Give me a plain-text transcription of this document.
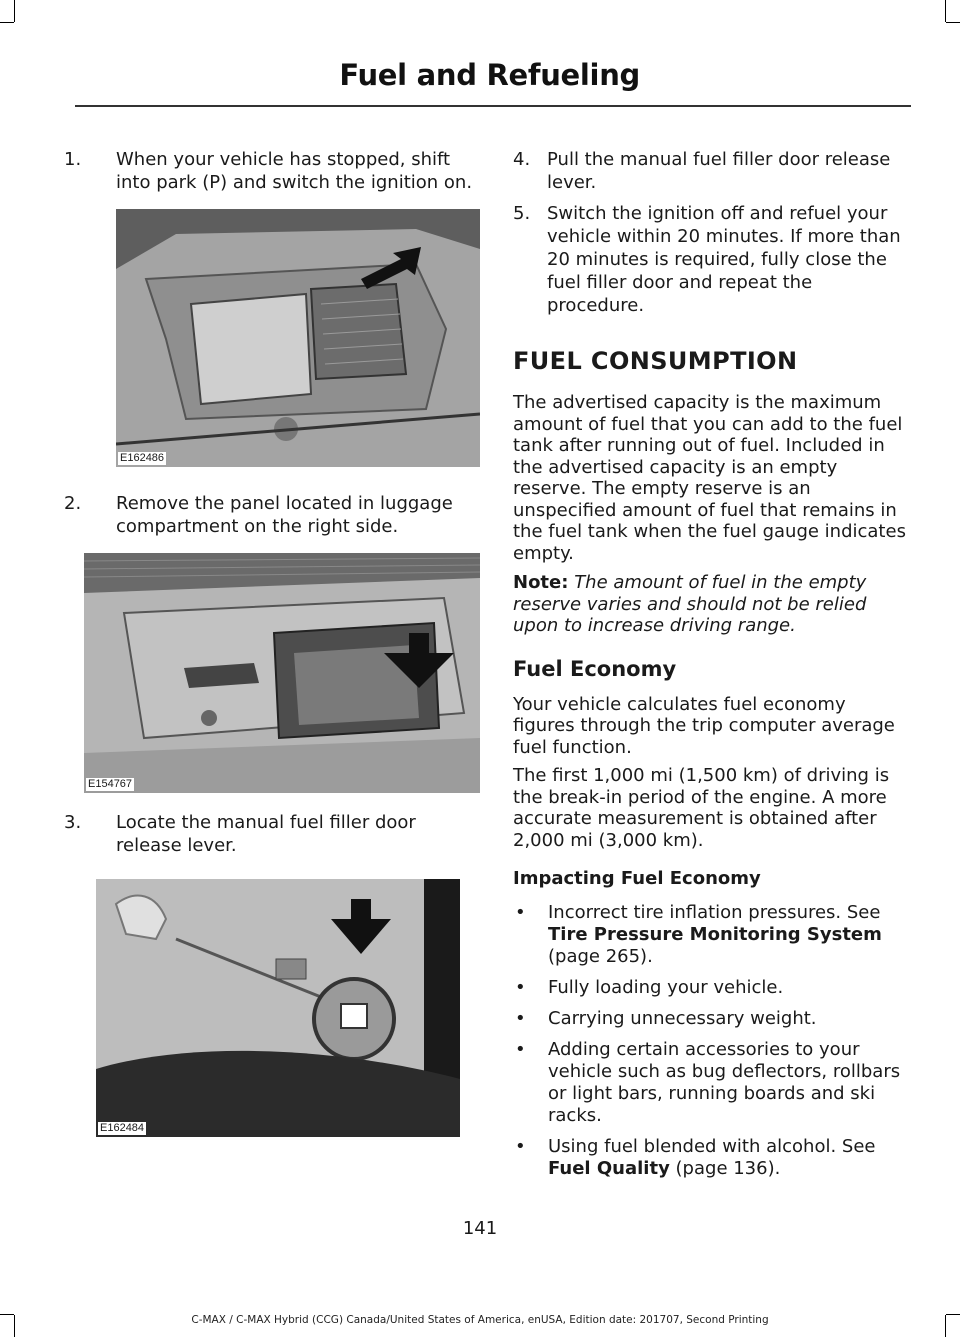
Fuel and Refueling
1. When your vehicle has stopped, shift into park (P) and switch the ignition on.
E162486
2. Remove the panel located in luggage compartment on the right side.
E154767
3. Locate the manual fuel filler door release lever.
E162484
4. Pull the manual fuel filler door release lever.
5. Switch the ignition off and refuel your vehicle within 20 minutes. If more than 20 minutes is required, fully close the fuel filler door and repeat the procedure.
FUEL CONSUMPTION

The advertised capacity is the maximum amount of fuel that you can add to the fuel tank after running out of fuel. Included in the advertised capacity is an empty reserve. The empty reserve is an unspecified amount of fuel that remains in the fuel tank when the fuel gauge indicates empty.

Note: The amount of fuel in the empty reserve varies and should not be relied upon to increase driving range.

Fuel Economy

Your vehicle calculates fuel economy figures through the trip computer average fuel function.

The first 1,000 mi (1,500 km) of driving is the break-in period of the engine. A more accurate measurement is obtained after 2,000 mi (3,000 km).

Impacting Fuel Economy
• Incorrect tire inflation pressures. See Tire Pressure Monitoring System (page 265).
• Fully loading your vehicle.
• Carrying unnecessary weight.
• Adding certain accessories to your vehicle such as bug deflectors, rollbars or light bars, running boards and ski racks.
• Using fuel blended with alcohol. See Fuel Quality (page 136).
141
C-MAX / C-MAX Hybrid (CCG) Canada/United States of America, enUSA, Edition date: 201707, Second Printing
